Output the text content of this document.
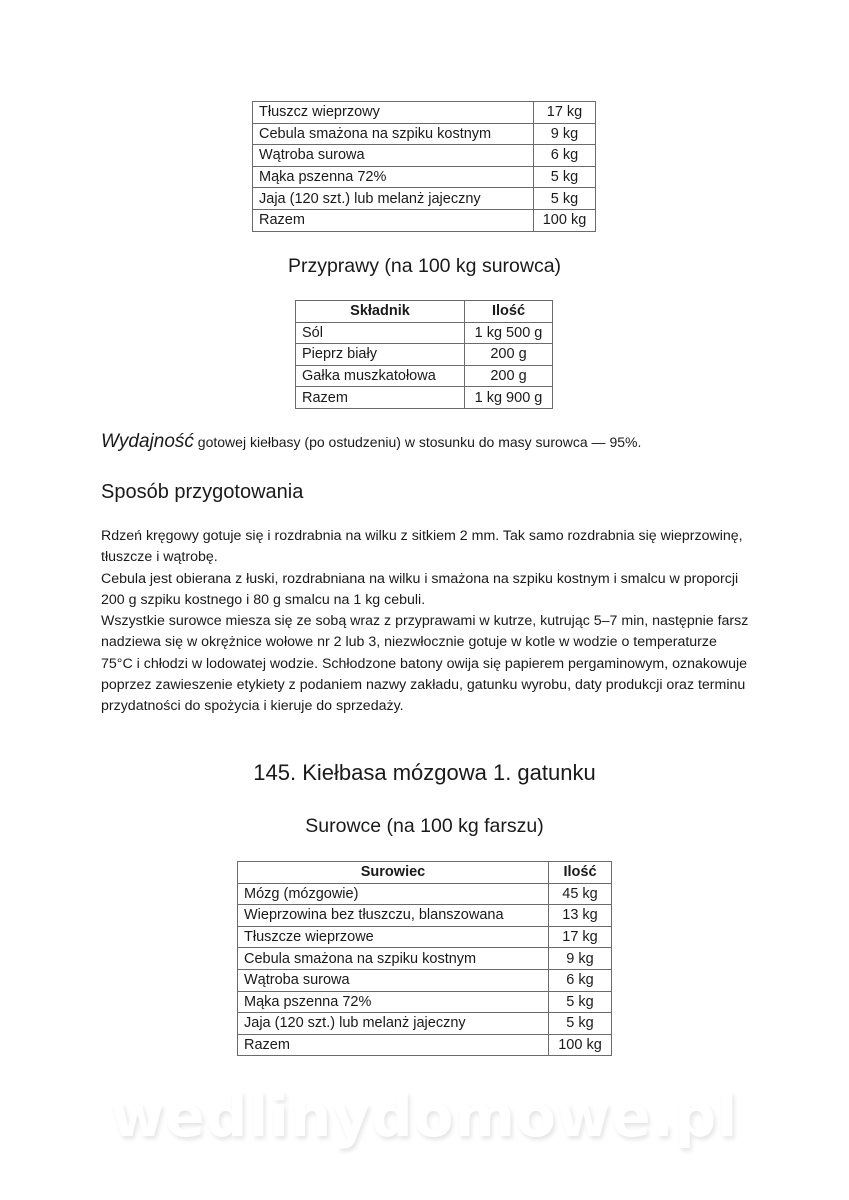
Tłuszcz wieprzowy	17 kg
Cebula smażona na szpiku kostnym	9 kg
Wątroba surowa	6 kg
Mąka pszenna 72%	5 kg
Jaja (120 szt.) lub melanż jajeczny	5 kg
Razem	100 kg
Przyprawy (na 100 kg surowca)
Składnik	Ilość
Sól	1 kg 500 g
Pieprz biały	200 g
Gałka muszkatołowa	200 g
Razem	1 kg 900 g
Wydajność gotowej kiełbasy (po ostudzeniu) w stosunku do masy surowca — 95%.
Sposób przygotowania

Rdzeń kręgowy gotuje się i rozdrabnia na wilku z sitkiem 2 mm. Tak samo rozdrabnia się wieprzowinę, tłuszcze i wątrobę.

Cebula jest obierana z łuski, rozdrabniana na wilku i smażona na szpiku kostnym i smalcu w proporcji 200 g szpiku kostnego i 80 g smalcu na 1 kg cebuli.

Wszystkie surowce miesza się ze sobą wraz z przyprawami w kutrze, kutrując 5–7 min, następnie farsz nadziewa się w okrężnice wołowe nr 2 lub 3, niezwłocznie gotuje w kotle w wodzie o temperaturze 75°C i chłodzi w lodowatej wodzie. Schłodzone batony owija się papierem pergaminowym, oznakowuje poprzez zawieszenie etykiety z podaniem nazwy zakładu, gatunku wyrobu, daty produkcji oraz terminu przydatności do spożycia i kieruje do sprzedaży.

145. Kiełbasa mózgowa 1. gatunku
Surowce (na 100 kg farszu)
Surowiec	Ilość
Mózg (mózgowie)	45 kg
Wieprzowina bez tłuszczu, blanszowana	13 kg
Tłuszcze wieprzowe	17 kg
Cebula smażona na szpiku kostnym	9 kg
Wątroba surowa	6 kg
Mąka pszenna 72%	5 kg
Jaja (120 szt.) lub melanż jajeczny	5 kg
Razem	100 kg
wedlinydomowe.pl
